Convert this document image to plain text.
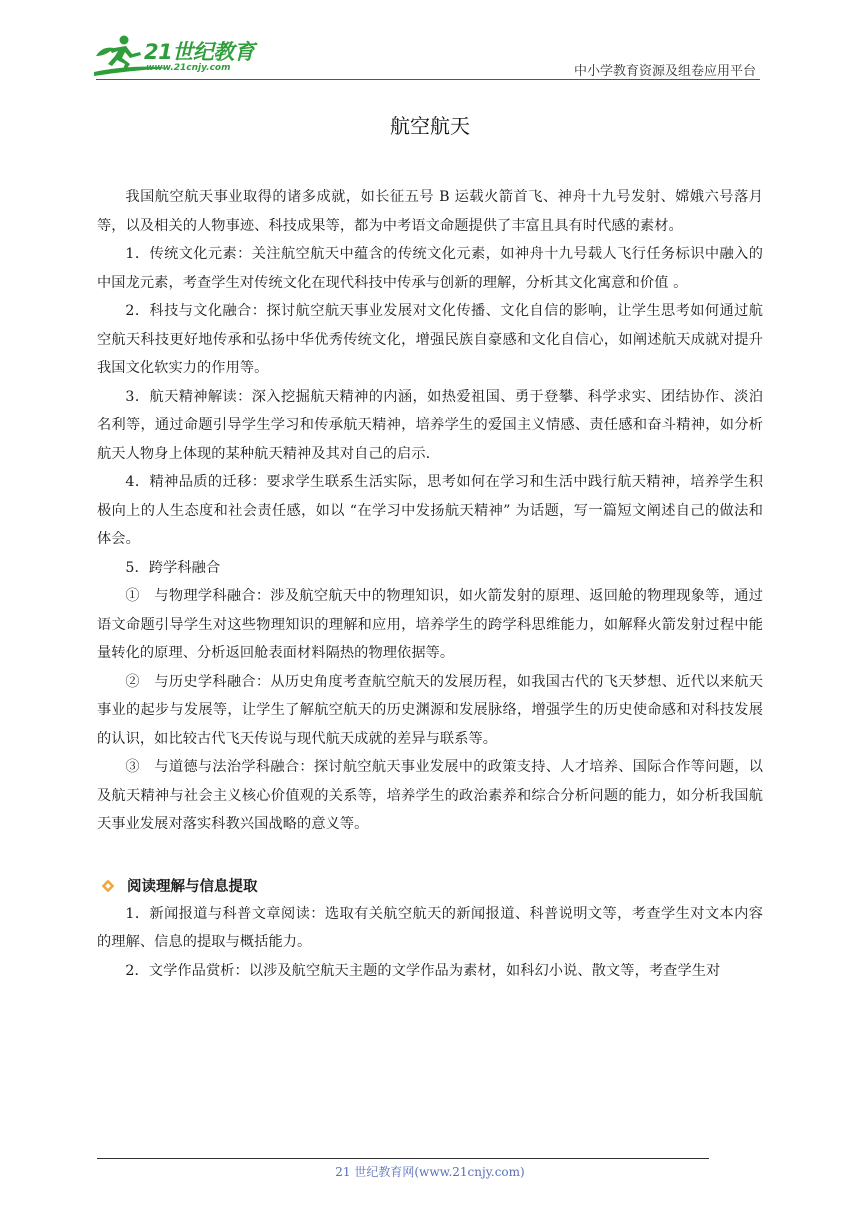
21世纪教育
www.21cnjy.com	中小学教育资源及组卷应用平台
航空航天

我国航空航天事业取得的诸多成就，如长征五号 B 运载火箭首飞、神舟十九号发射、嫦娥六号落月等，以及相关的人物事迹、科技成果等，都为中考语文命题提供了丰富且具有时代感的素材。

1．传统文化元素：关注航空航天中蕴含的传统文化元素，如神舟十九号载人飞行任务标识中融入的中国龙元素，考查学生对传统文化在现代科技中传承与创新的理解，分析其文化寓意和价值 。

2．科技与文化融合：探讨航空航天事业发展对文化传播、文化自信的影响，让学生思考如何通过航空航天科技更好地传承和弘扬中华优秀传统文化，增强民族自豪感和文化自信心，如阐述航天成就对提升我国文化软实力的作用等。

3．航天精神解读：深入挖掘航天精神的内涵，如热爱祖国、勇于登攀、科学求实、团结协作、淡泊名利等，通过命题引导学生学习和传承航天精神，培养学生的爱国主义情感、责任感和奋斗精神，如分析航天人物身上体现的某种航天精神及其对自己的启示.

4．精神品质的迁移：要求学生联系生活实际，思考如何在学习和生活中践行航天精神，培养学生积极向上的人生态度和社会责任感，如以 “在学习中发扬航天精神” 为话题，写一篇短文阐述自己的做法和体会。

5．跨学科融合

①　与物理学科融合：涉及航空航天中的物理知识，如火箭发射的原理、返回舱的物理现象等，通过语文命题引导学生对这些物理知识的理解和应用，培养学生的跨学科思维能力，如解释火箭发射过程中能量转化的原理、分析返回舱表面材料隔热的物理依据等。

②　与历史学科融合：从历史角度考查航空航天的发展历程，如我国古代的飞天梦想、近代以来航天事业的起步与发展等，让学生了解航空航天的历史渊源和发展脉络，增强学生的历史使命感和对科技发展的认识，如比较古代飞天传说与现代航天成就的差异与联系等。

③　与道德与法治学科融合：探讨航空航天事业发展中的政策支持、人才培养、国际合作等问题，以及航天精神与社会主义核心价值观的关系等，培养学生的政治素养和综合分析问题的能力，如分析我国航天事业发展对落实科教兴国战略的意义等。

阅读理解与信息提取

1．新闻报道与科普文章阅读：选取有关航空航天的新闻报道、科普说明文等，考查学生对文本内容的理解、信息的提取与概括能力。

2．文学作品赏析：以涉及航空航天主题的文学作品为素材，如科幻小说、散文等，考查学生对

21 世纪教育网(www.21cnjy.com)
